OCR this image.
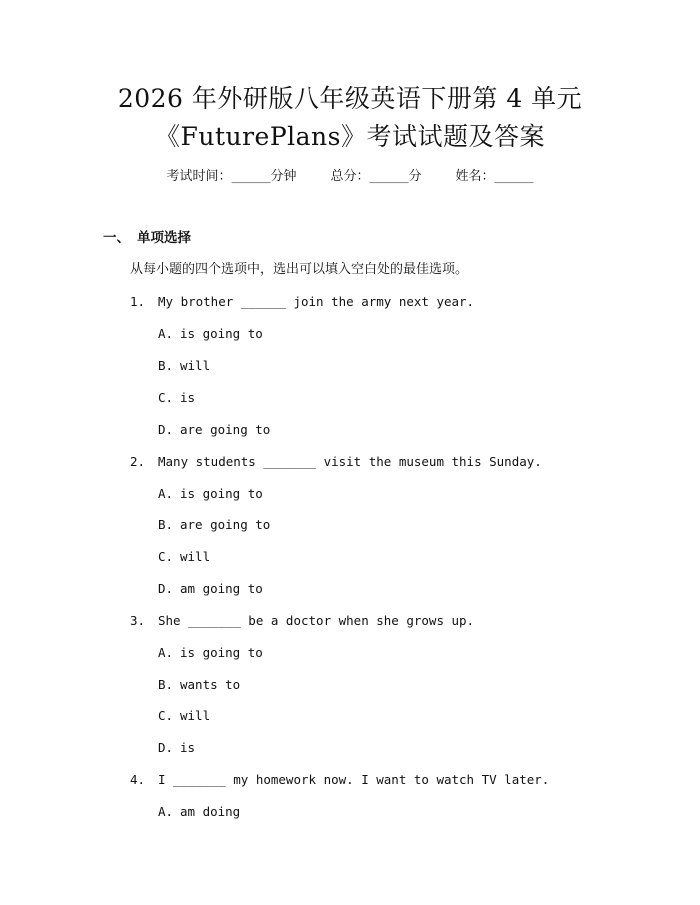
2026 年外研版八年级英语下册第 4 单元
《FuturePlans》考试试题及答案
考试时间：______分钟	总分：______分	姓名：______
一、 单项选择
从每小题的四个选项中，选出可以填入空白处的最佳选项。
1. My brother ______ join the army next year.
A. is going to
B. will
C. is
D. are going to
2. Many students _______ visit the museum this Sunday.
A. is going to
B. are going to
C. will
D. am going to
3. She _______ be a doctor when she grows up.
A. is going to
B. wants to
C. will
D. is
4. I _______ my homework now. I want to watch TV later.
A. am doing
